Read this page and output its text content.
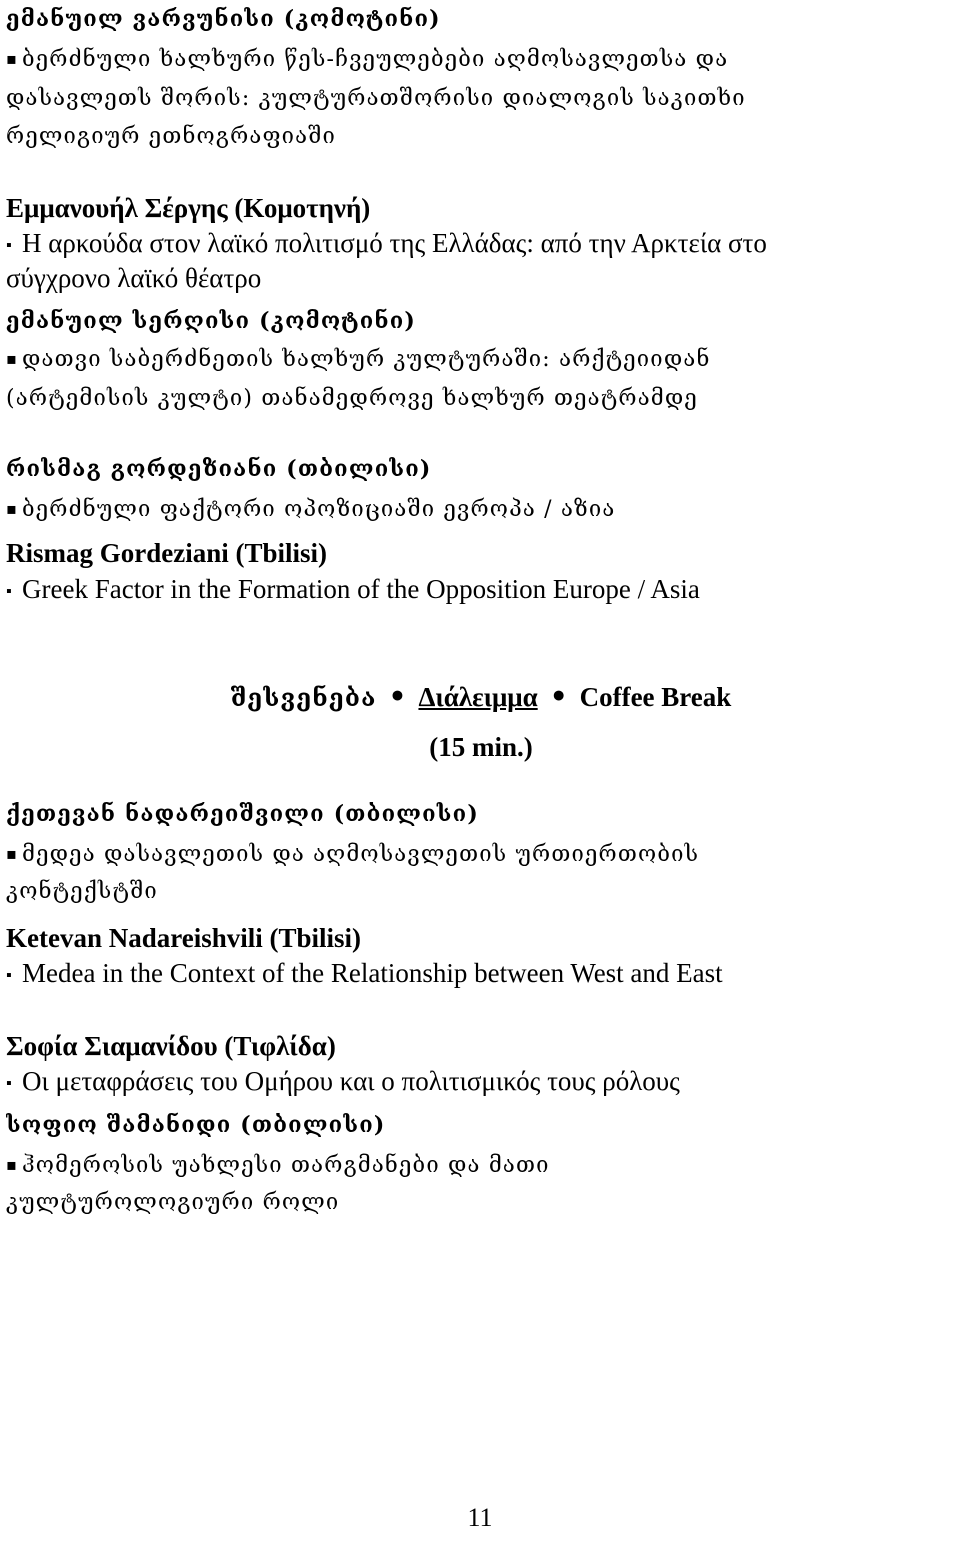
ემანუილ ვარვუნისი (კომოტინი)
▪ ბერძნული ხალხური წეს-ჩვეულებები აღმოსავლეთსა და
დასავლეთს შორის: კულტურათშორისი დიალოგის საკითხი
რელიგიურ ეთნოგრაფიაში
Εμμανουήλ Σέργης (Κομοτηνή)
▪ Η αρκούδα στον λαϊκό πολιτισμό της Ελλάδας: από την Αρκτεία στο
σύγχρονο λαϊκό θέατρο
ემანუილ სერღისი (კომოტინი)
▪ დათვი საბერძნეთის ხალხურ კულტურაში: არქტეიიდან
(არტემისის კულტი) თანამედროვე ხალხურ თეატრამდე
რისმაგ გორდეზიანი (თბილისი)
▪ ბერძნული ფაქტორი ოპოზიციაში ევროპა / აზია
Rismag Gordeziani (Tbilisi)
▪ Greek Factor in the Formation of the Opposition Europe / Asia
შესვენება • Διάλειμμα • Coffee Break
(15 min.)
ქეთევან ნადარეიშვილი (თბილისი)
▪ მედეა დასავლეთის და აღმოსავლეთის ურთიერთობის
კონტექსტში
Ketevan Nadareishvili (Tbilisi)
▪ Medea in the Context of the Relationship between West and East
Σοφία Σιαμανίδου (Τιφλίδα)
▪ Οι μεταφράσεις του Ομήρου και ο πολιτισμικός τους ρόλους
სოფიო შამანიდი (თბილისი)
▪ ჰომეროსის უახლესი თარგმანები და მათი
კულტუროლოგიური როლი
11
